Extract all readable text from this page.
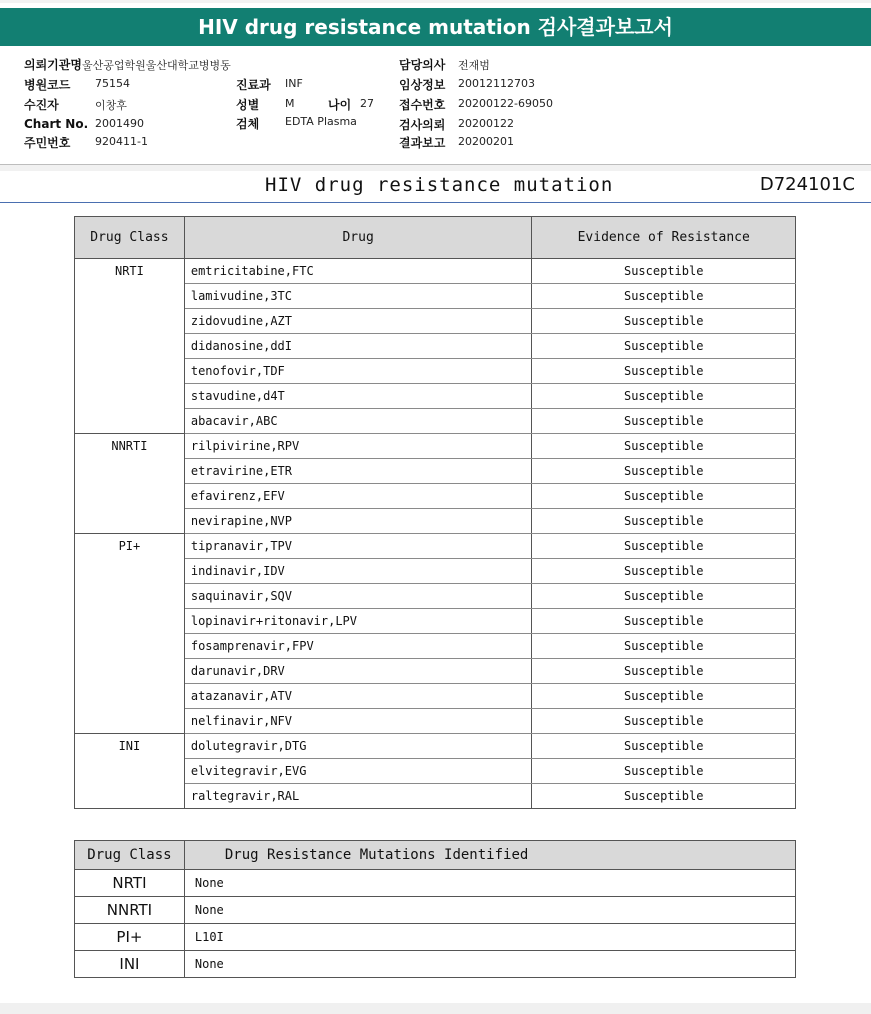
HIV drug resistance mutation 검사결과보고서
의뢰기관명 울산공업학원울산대학교병병동
병원코드 75154
수진자	이창후
Chart No. 2001490
주민번호 920411-1
진료과 INF
성별 M	나이 27
검체 EDTA Plasma
담당의사 전재범
임상정보 20012112703
접수번호 20200122-69050
검사의뢰 20200122
결과보고 20200201
HIV drug resistance mutation	D724101C
Drug Class	Drug	Evidence of Resistance
NRTI	emtricitabine,FTC	Susceptible
	lamivudine,3TC	Susceptible
	zidovudine,AZT	Susceptible
	didanosine,ddI	Susceptible
	tenofovir,TDF	Susceptible
	stavudine,d4T	Susceptible
	abacavir,ABC	Susceptible
NNRTI	rilpivirine,RPV	Susceptible
	etravirine,ETR	Susceptible
	efavirenz,EFV	Susceptible
	nevirapine,NVP	Susceptible
PI+	tipranavir,TPV	Susceptible
	indinavir,IDV	Susceptible
	saquinavir,SQV	Susceptible
	lopinavir+ritonavir,LPV	Susceptible
	fosamprenavir,FPV	Susceptible
	darunavir,DRV	Susceptible
	atazanavir,ATV	Susceptible
	nelfinavir,NFV	Susceptible
INI	dolutegravir,DTG	Susceptible
	elvitegravir,EVG	Susceptible
	raltegravir,RAL	Susceptible
Drug Class	Drug Resistance Mutations Identified
NRTI	None
NNRTI	None
PI+	L10I
INI	None
